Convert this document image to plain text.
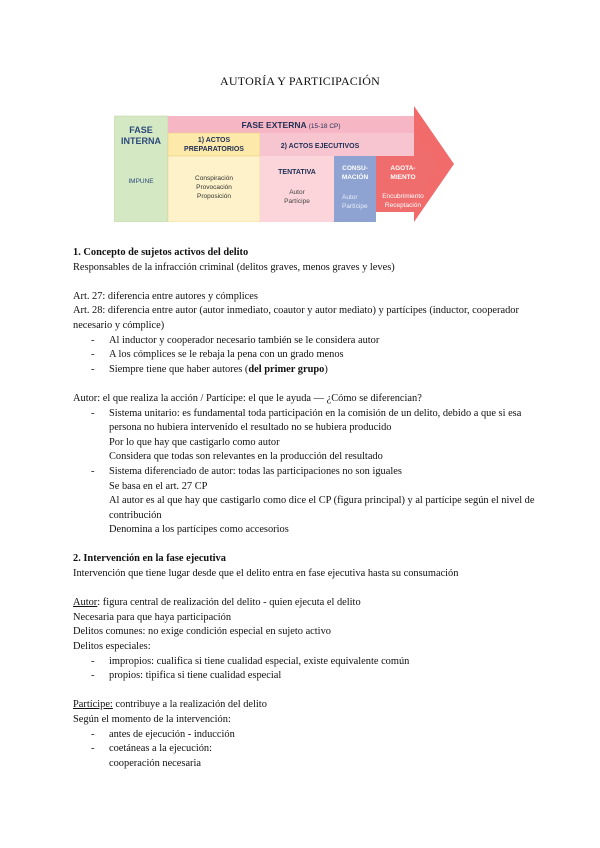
AUTORÍA Y PARTICIPACIÓN
FASE
INTERNA
IMPUNE
FASE EXTERNA (15-18 CP)
1) ACTOS
PREPARATORIOS	2) ACTOS EJECUTIVOS
Conspiración
Provocación
Proposición
TENTATIVA
Autor
Partícipe
CONSU-
MACIÓN
Autor
Partícipe
AGOTA-
MIENTO
Encubrimiento
Receptación

1. Concepto de sujetos activos del delito

Responsables de la infracción criminal (delitos graves, menos graves y leves)

Art. 27: diferencia entre autores y cómplices

Art. 28: diferencia entre autor (autor inmediato, coautor y autor mediato) y partícipes (inductor, cooperador necesario y cómplice)

- Al inductor y cooperador necesario también se le considera autor
- A los cómplices se le rebaja la pena con un grado menos
- Siempre tiene que haber autores (del primer grupo)

Autor: el que realiza la acción / Partícipe: el que le ayuda — ¿Cómo se diferencian?

- Sistema unitario: es fundamental toda participación en la comisión de un delito, debido a que si esa persona no hubiera intervenido el resultado no se hubiera producido

Por lo que hay que castigarlo como autor

Considera que todas son relevantes en la producción del resultado

- Sistema diferenciado de autor: todas las participaciones no son iguales

Se basa en el art. 27 CP

Al autor es al que hay que castigarlo como dice el CP (figura principal) y al partícipe según el nivel de contribución

Denomina a los partícipes como accesorios

2. Intervención en la fase ejecutiva

Intervención que tiene lugar desde que el delito entra en fase ejecutiva hasta su consumación

Autor: figura central de realización del delito - quien ejecuta el delito

Necesaria para que haya participación

Delitos comunes: no exige condición especial en sujeto activo

Delitos especiales:

- impropios: cualifica si tiene cualidad especial, existe equivalente común
- propios: tipifica si tiene cualidad especial

Partícipe: contribuye a la realización del delito

Según el momento de la intervención:

- antes de ejecución - inducción
- coetáneas a la ejecución:

cooperación necesaria
